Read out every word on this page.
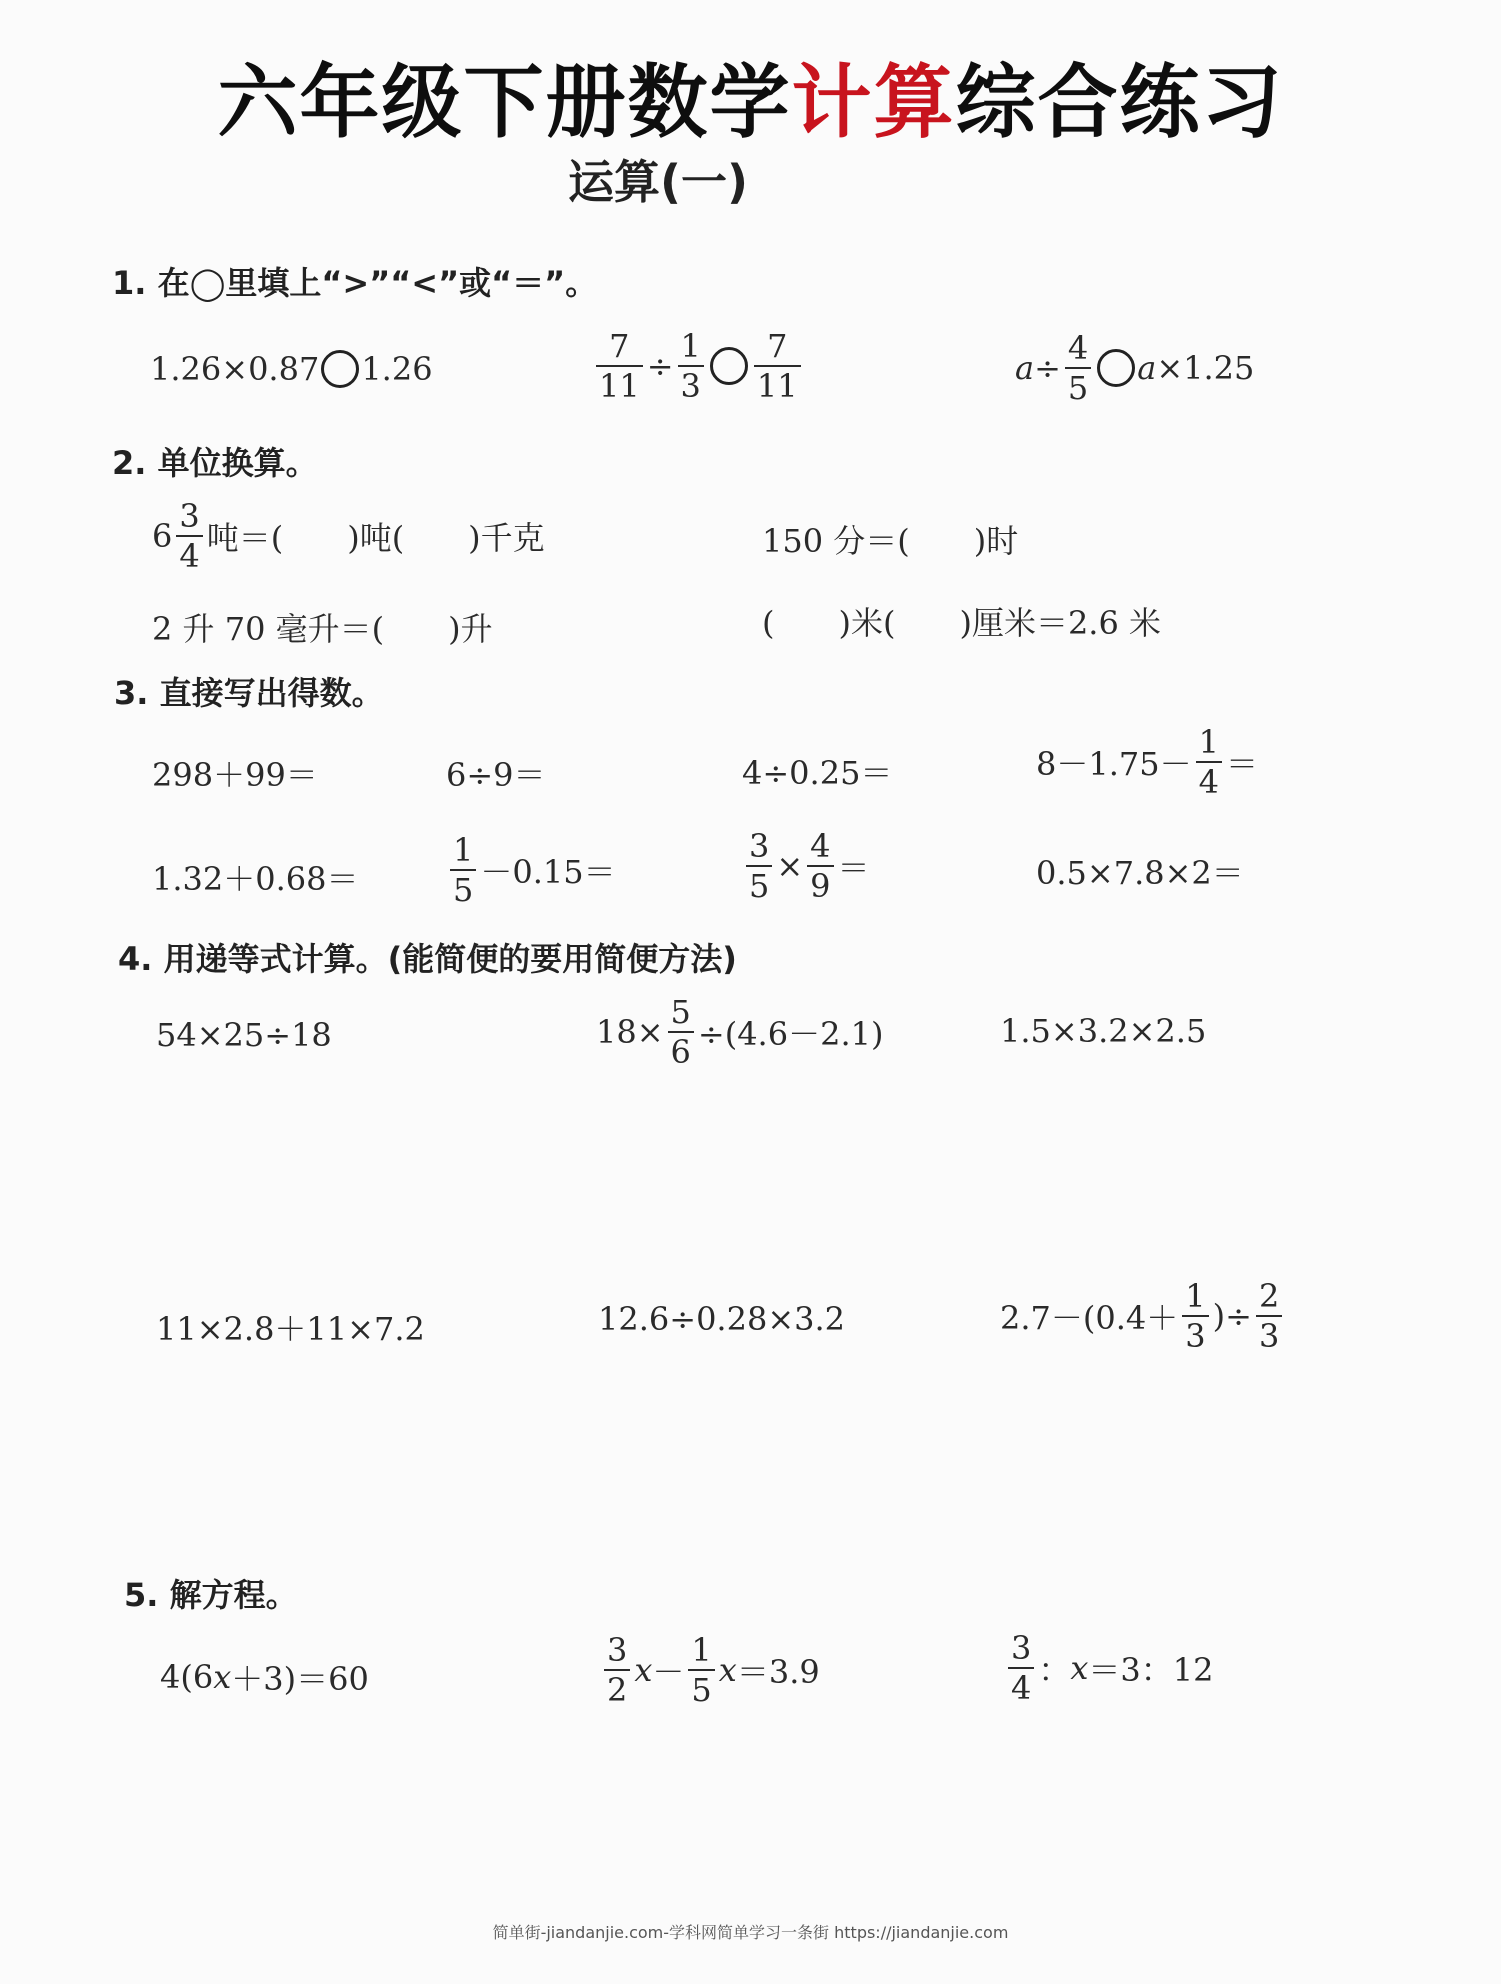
六年级下册数学计算综合练习
运算(一)
1. 在◯里填上“>”“<”或“＝”。
1.26×0.87 1.26	$\frac{7}{11} \div \frac{1}{3} \frac{7}{11}$	$a \div \frac{4}{5}$ a ×1.25
2. 单位换算。
$6 \frac{3}{4}$ 吨＝(　　)吨(　　)千克	150 分＝(　　)时
2 升 70 毫升＝(　　)升	(　　)米(　　)厘米＝2.6 米
3. 直接写出得数。
298＋99＝	6÷9＝	4÷0.25＝	$8-1.75- \frac{1}{4}$ ＝
1.32＋0.68＝	$\frac{1}{5} -0.15=$	$\frac{3}{5} \times \frac{4}{9}$ ＝	0.5×7.8×2＝
4. 用递等式计算。(能简便的要用简便方法)
54×25÷18	$18\times \frac{5}{6} \div(4.6-2.1)$	1.5×3.2×2.5
11×2.8＋11×7.2	12.6÷0.28×3.2	$2.7-(0.4+ \frac{1}{3}$ )÷ $\frac{2}{3}$
5. 解方程。
4(6 x ＋3)＝60	$\frac{3}{2}$ $x - \frac{1}{5}$ x ＝3.9	$\frac{3}{4}$ ： x ＝3：12
简单街-jiandanjie.com-学科网简单学习一条街 https://jiandanjie.com
